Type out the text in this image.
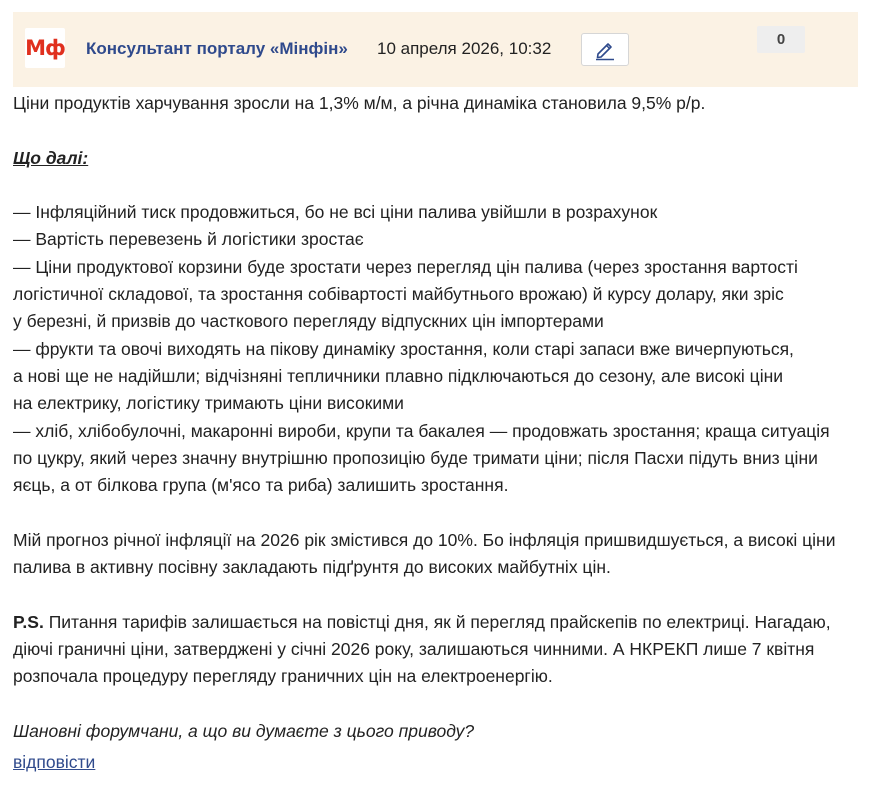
Мф Консультант порталу «Мінфін» 10 апреля 2026, 10:32	0
Ціни продуктів харчування зросли на 1,3% м/м, а річна динаміка становила 9,5% р/р.
Що далі:
— Інфляційний тиск продовжиться, бо не всі ціни палива увійшли в розрахунок
— Вартість перевезень й логістики зростає
— Ціни продуктової корзини буде зростати через перегляд цін палива (через зростання вартості
логістичної складової, та зростання собівартості майбутнього врожаю) й курсу долару, яки зріс
у березні, й призвів до часткового перегляду відпускних цін імпортерами
— фрукти та овочі виходять на пікову динаміку зростання, коли старі запаси вже вичерпуються,
а нові ще не надійшли; відчізняні тепличники плавно підключаються до сезону, але високі ціни
на електрику, логістику тримають ціни високими
— хліб, хлібобулочні, макаронні вироби, крупи та бакалея — продовжать зростання; краща ситуація
по цукру, який через значну внутрішню пропозицію буде тримати ціни; після Пасхи підуть вниз ціни
яєць, а от білкова група (м'ясо та риба) залишить зростання.
Мій прогноз річної інфляції на 2026 рік змістився до 10%. Бо інфляція пришвидшується, а високі ціни
палива в активну посівну закладають підґрунтя до високих майбутніх цін.
P.S. Питання тарифів залишається на повістці дня, як й перегляд прайскепів по електриці. Нагадаю,
діючі граничні ціни, затверджені у січні 2026 року, залишаються чинними. А НКРЕКП лише 7 квітня
розпочала процедуру перегляду граничних цін на електроенергію.
Шановні форумчани, а що ви думаєте з цього приводу?
відповісти
